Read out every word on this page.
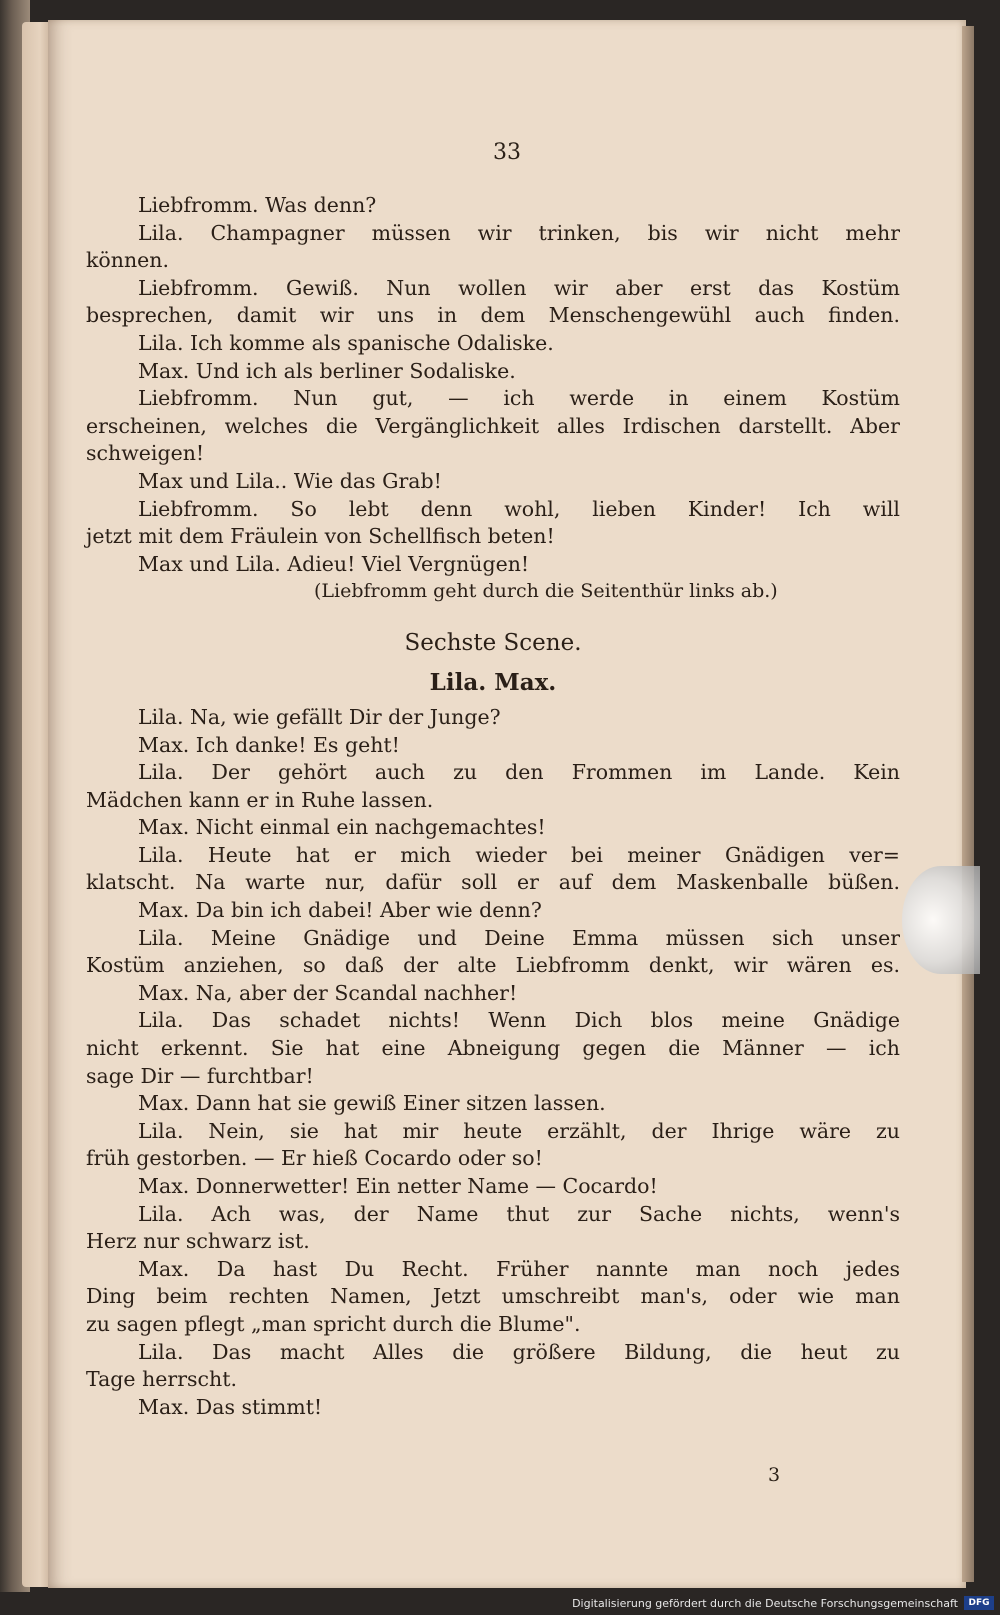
33
Liebfromm. Was denn?
Lila. Champagner müssen wir trinken, bis wir nicht mehr
können.
Liebfromm. Gewiß. Nun wollen wir aber erst das Kostüm
besprechen, damit wir uns in dem Menschengewühl auch finden.
Lila. Ich komme als spanische Odaliske.
Max. Und ich als berliner Sodaliske.
Liebfromm. Nun gut, — ich werde in einem Kostüm
erscheinen, welches die Vergänglichkeit alles Irdischen darstellt. Aber
schweigen!
Max und Lila.. Wie das Grab!
Liebfromm. So lebt denn wohl, lieben Kinder! Ich will
jetzt mit dem Fräulein von Schellfisch beten!
Max und Lila. Adieu! Viel Vergnügen!
(Liebfromm geht durch die Seitenthür links ab.)
Sechste Scene.
Lila. Max.
Lila. Na, wie gefällt Dir der Junge?
Max. Ich danke! Es geht!
Lila. Der gehört auch zu den Frommen im Lande. Kein
Mädchen kann er in Ruhe lassen.
Max. Nicht einmal ein nachgemachtes!
Lila. Heute hat er mich wieder bei meiner Gnädigen ver=
klatscht. Na warte nur, dafür soll er auf dem Maskenballe büßen.
Max. Da bin ich dabei! Aber wie denn?
Lila. Meine Gnädige und Deine Emma müssen sich unser
Kostüm anziehen, so daß der alte Liebfromm denkt, wir wären es.
Max. Na, aber der Scandal nachher!
Lila. Das schadet nichts! Wenn Dich blos meine Gnädige
nicht erkennt. Sie hat eine Abneigung gegen die Männer — ich
sage Dir — furchtbar!
Max. Dann hat sie gewiß Einer sitzen lassen.
Lila. Nein, sie hat mir heute erzählt, der Ihrige wäre zu
früh gestorben. — Er hieß Cocardo oder so!
Max. Donnerwetter! Ein netter Name — Cocardo!
Lila. Ach was, der Name thut zur Sache nichts, wenn's
Herz nur schwarz ist.
Max. Da hast Du Recht. Früher nannte man noch jedes
Ding beim rechten Namen, Jetzt umschreibt man's, oder wie man
zu sagen pflegt „man spricht durch die Blume".
Lila. Das macht Alles die größere Bildung, die heut zu
Tage herrscht.
Max. Das stimmt!
3
Digitalisierung gefördert durch die Deutsche Forschungsgemeinschaft	DFG
